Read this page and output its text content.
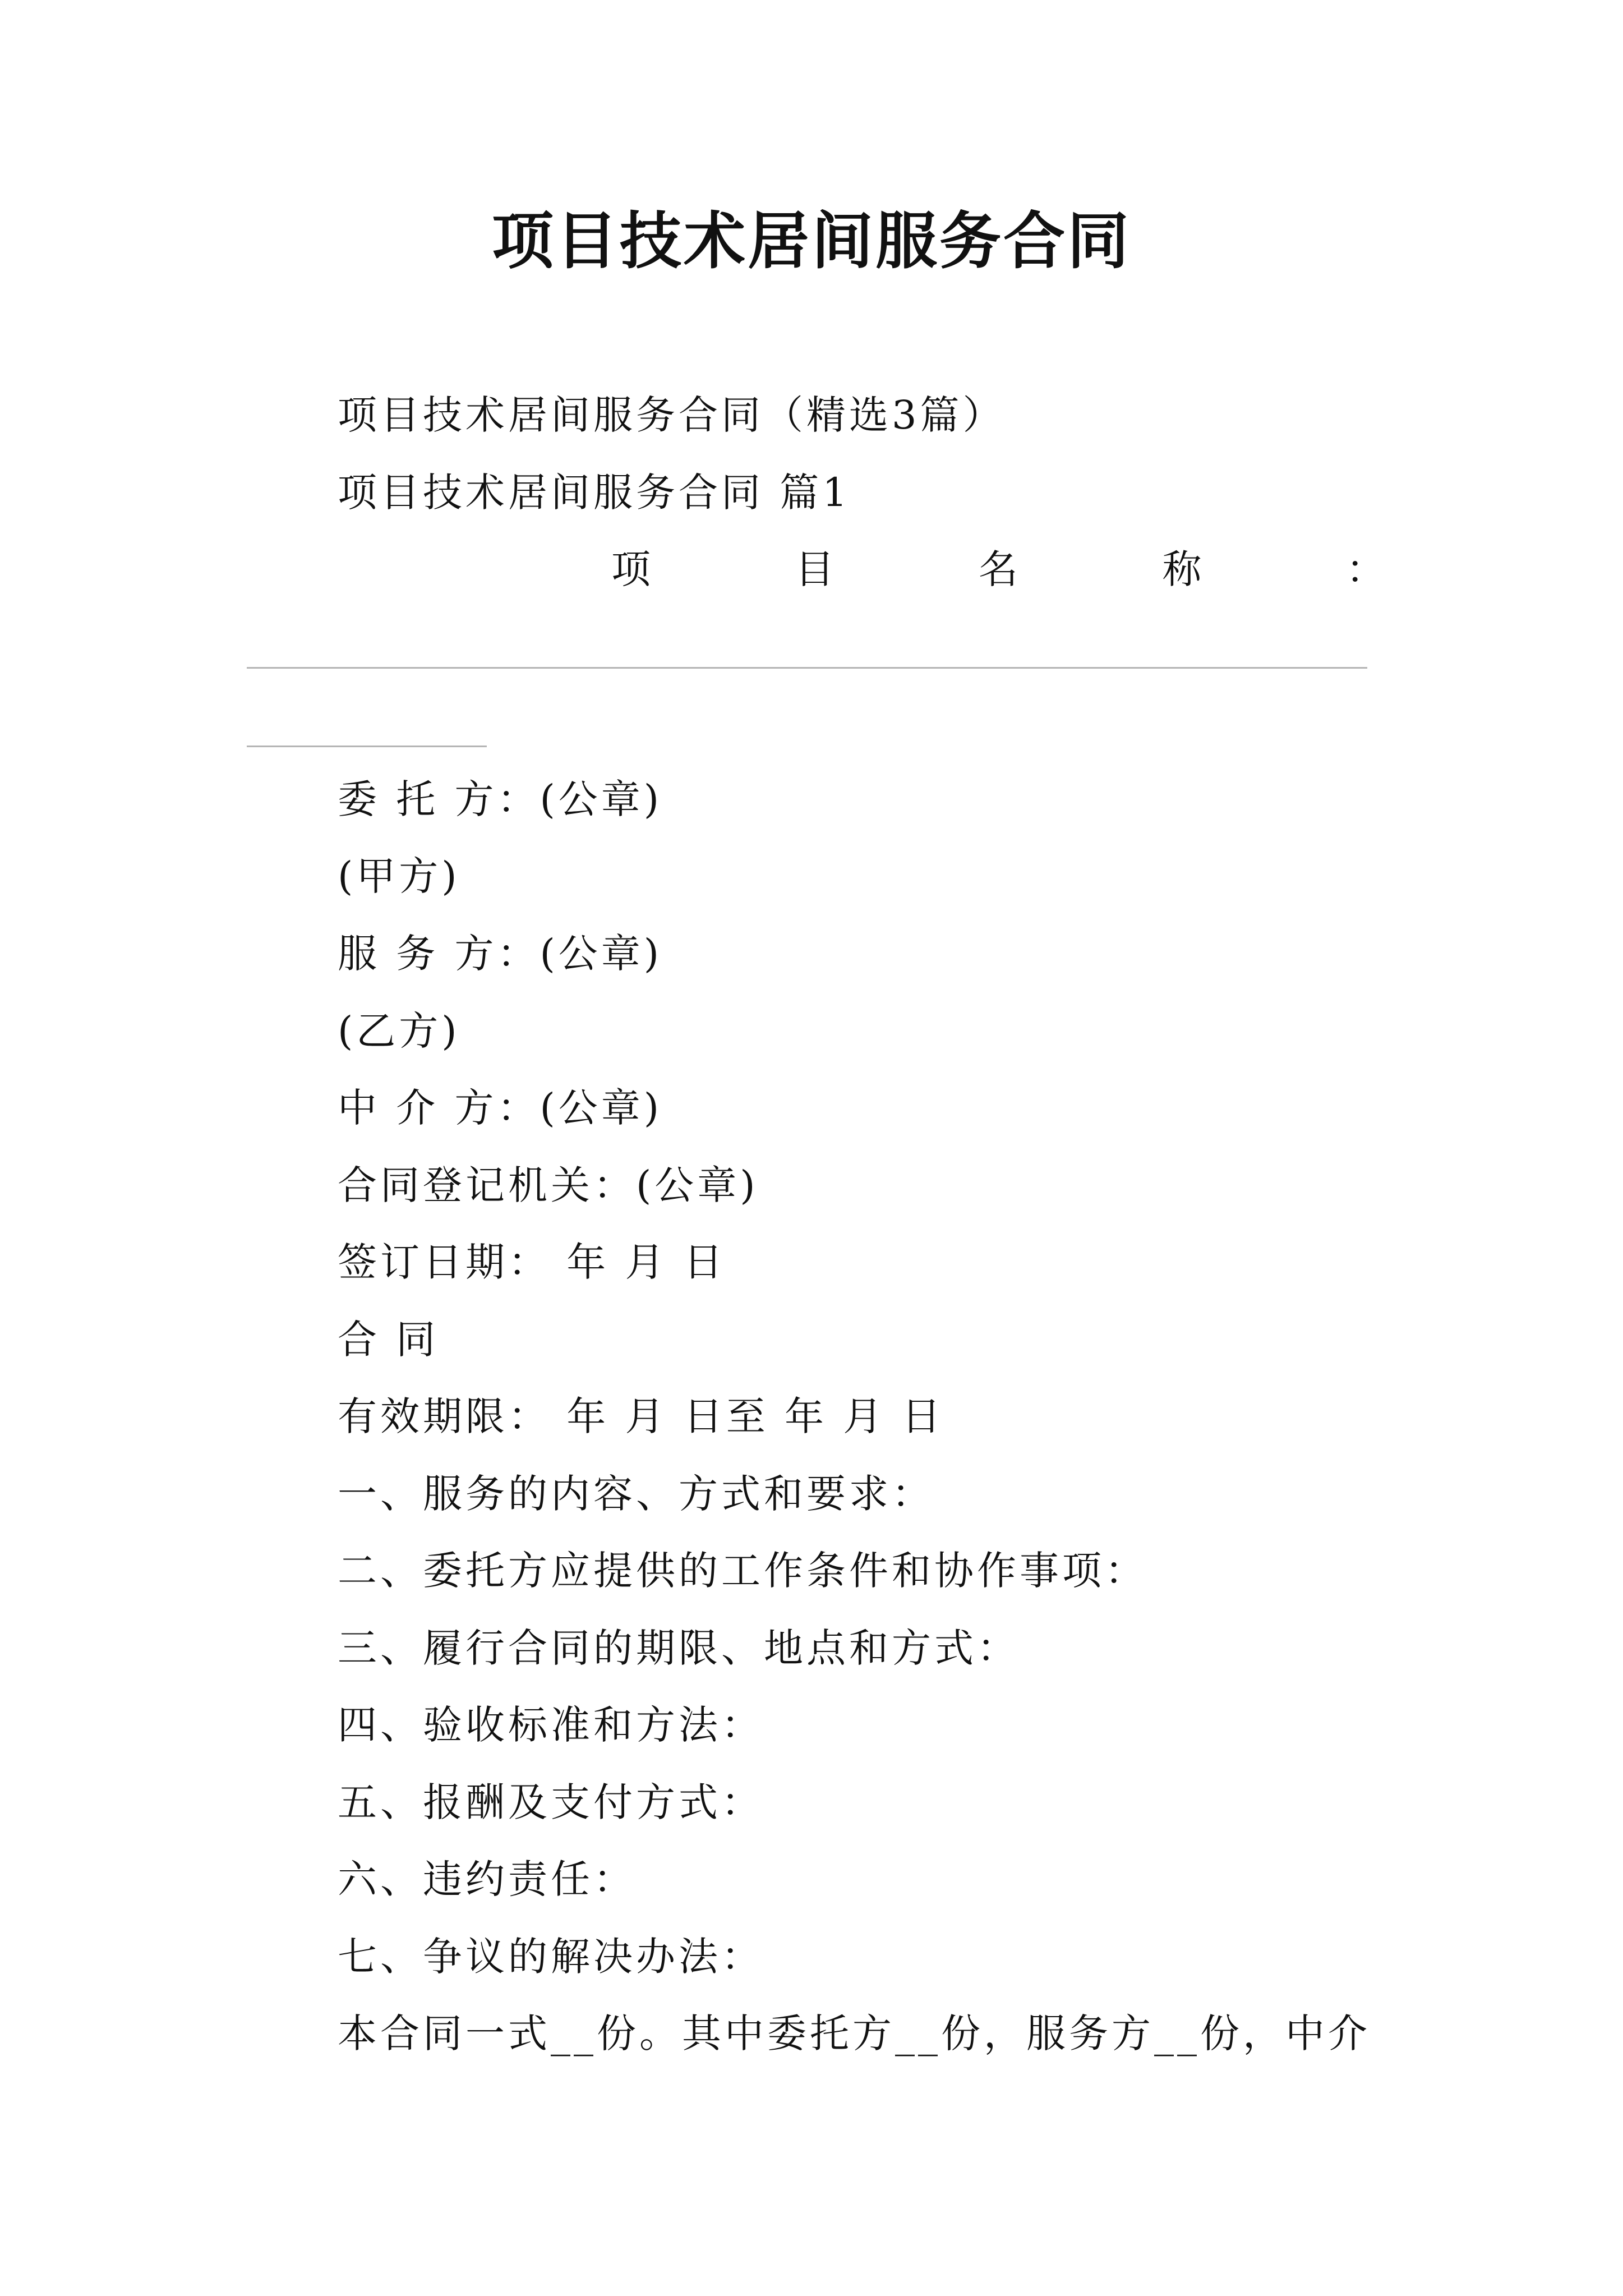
项目技术居间服务合同
项目技术居间服务合同（精选3篇）
项目技术居间服务合同 篇1
项	目	名	称	：
委 托 方：(公章)
(甲方)
服 务 方：(公章)
(乙方)
中 介 方：(公章)
合同登记机关：(公章)
签订日期： 年 月 日
合 同
有效期限： 年 月 日至 年 月 日
一、服务的内容、方式和要求：
二、委托方应提供的工作条件和协作事项：
三、履行合同的期限、地点和方式：
四、验收标准和方法：
五、报酬及支付方式：
六、违约责任：
七、争议的解决办法：
本合同一式__份。其中委托方__份，服务方__份，中介
